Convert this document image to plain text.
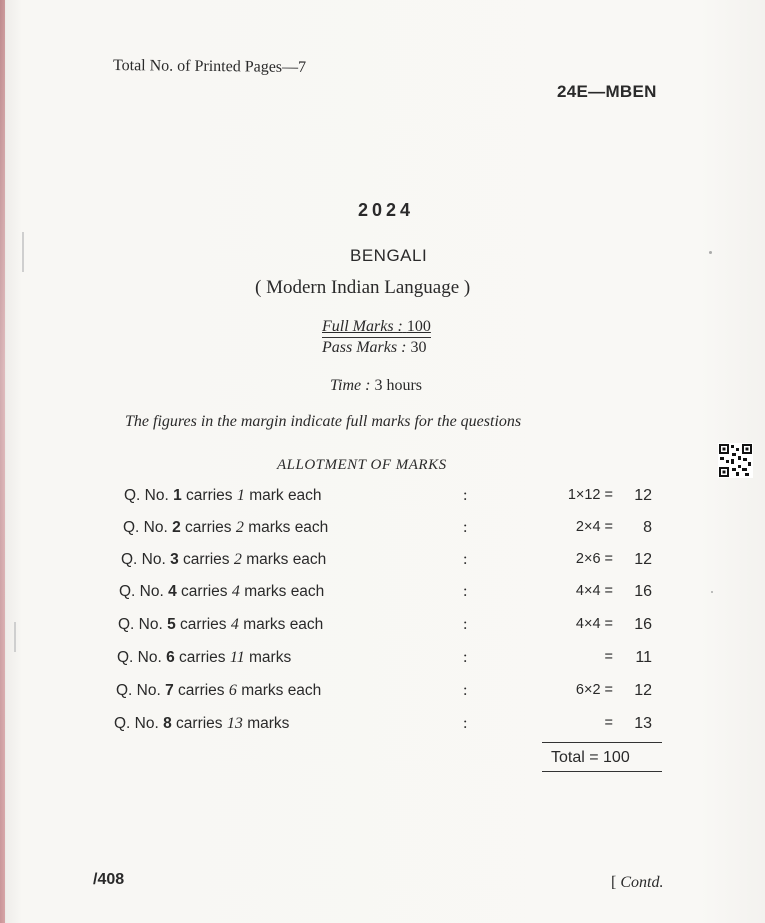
Total No. of Printed Pages—7
24E—MBEN
2024
BENGALI
( Modern Indian Language )
Full Marks : 100
Pass Marks : 30
Time : 3 hours
The figures in the margin indicate full marks for the questions
ALLOTMENT OF MARKS
Q. No. 1 carries 1 mark each	:	1×12 =	12
Q. No. 2 carries 2 marks each	:	2×4 =	8
Q. No. 3 carries 2 marks each	:	2×6 =	12
Q. No. 4 carries 4 marks each	:	4×4 =	16
Q. No. 5 carries 4 marks each	:	4×4 =	16
Q. No. 6 carries 11 marks	:	=	11
Q. No. 7 carries 6 marks each	:	6×2 =	12
Q. No. 8 carries 13 marks	:	=	13
Total = 100
/408	[ Contd.
